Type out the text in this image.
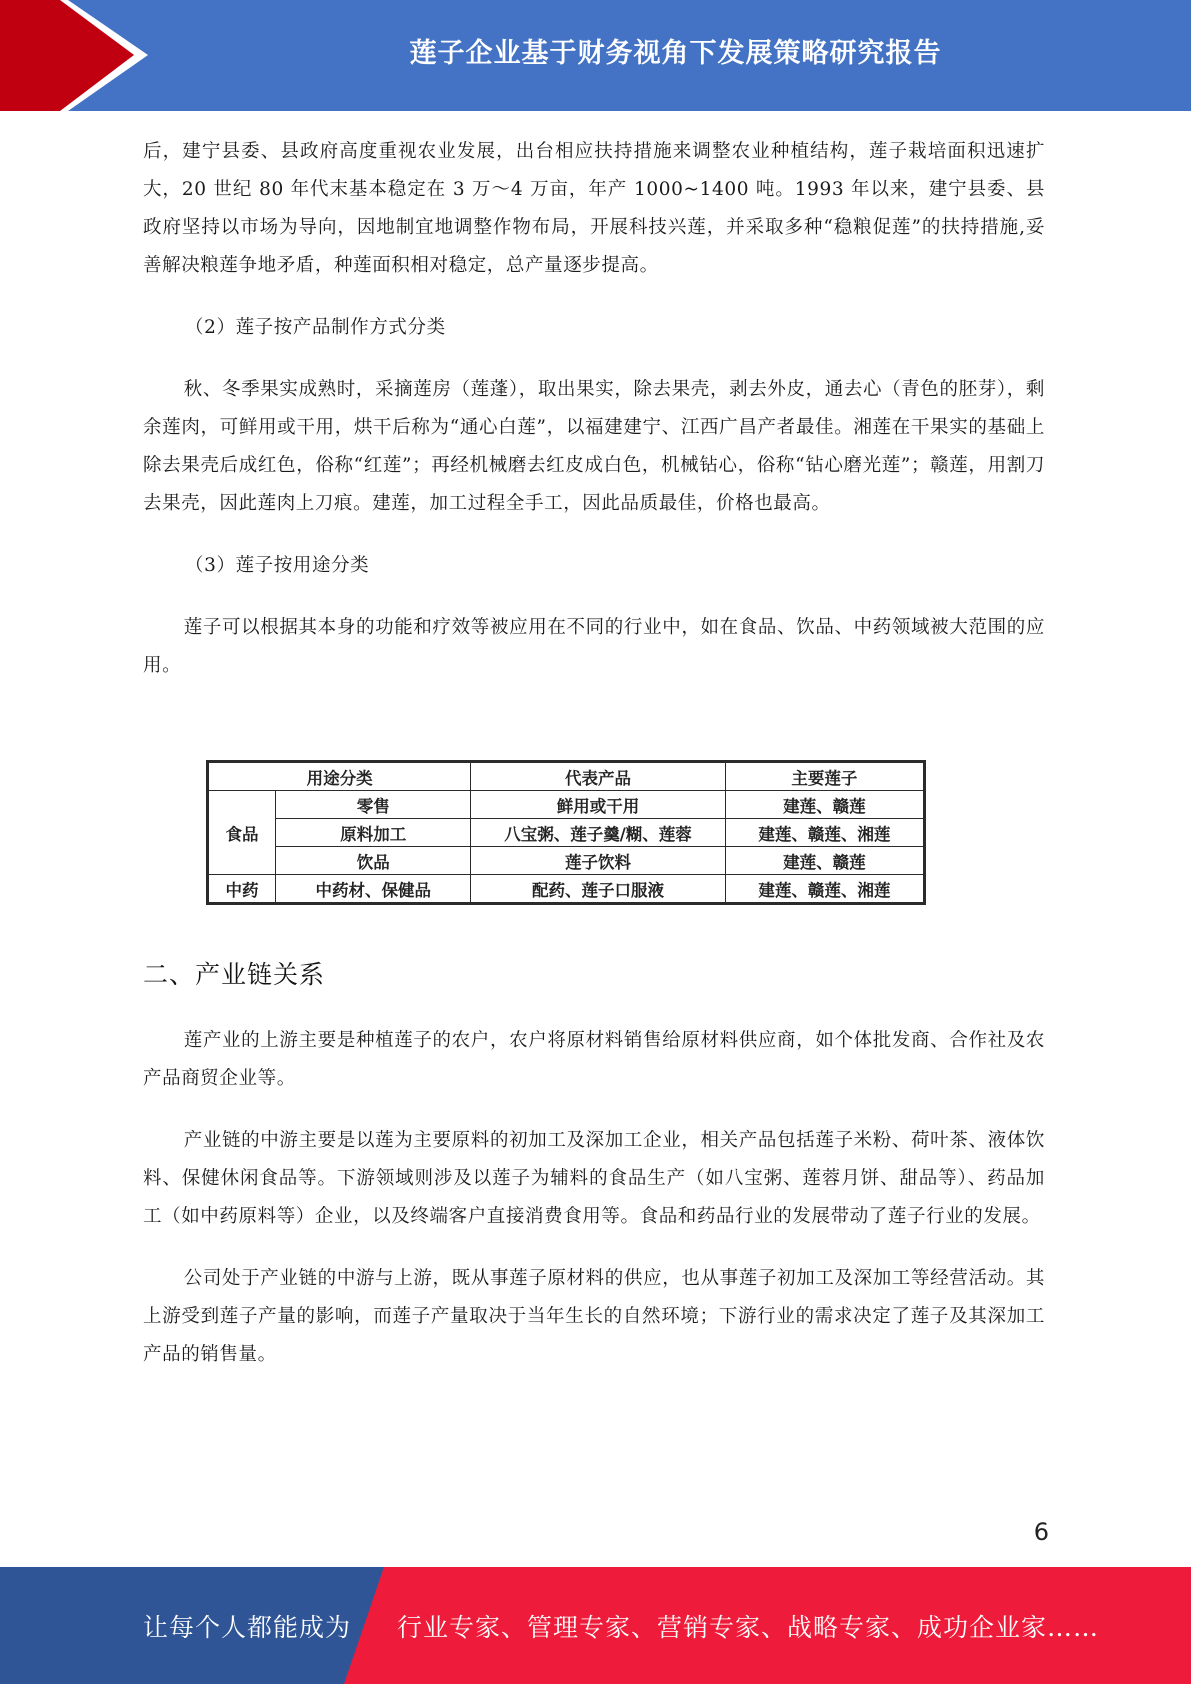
莲子企业基于财务视角下发展策略研究报告

后，建宁县委、县政府高度重视农业发展，出台相应扶持措施来调整农业种植结构，莲子栽培面积迅速扩大，20 世纪 80 年代末基本稳定在 3 万～4 万亩，年产 1000~1400 吨。1993 年以来，建宁县委、县政府坚持以市场为导向，因地制宜地调整作物布局，开展科技兴莲，并采取多种“稳粮促莲”的扶持措施,妥善解决粮莲争地矛盾，种莲面积相对稳定，总产量逐步提高。

（2）莲子按产品制作方式分类

秋、冬季果实成熟时，采摘莲房（莲蓬），取出果实，除去果壳，剥去外皮，通去心（青色的胚芽），剩余莲肉，可鲜用或干用，烘干后称为“通心白莲”，以福建建宁、江西广昌产者最佳。湘莲在干果实的基础上除去果壳后成红色，俗称“红莲”；再经机械磨去红皮成白色，机械钻心，俗称“钻心磨光莲”；赣莲，用割刀去果壳，因此莲肉上刀痕。建莲，加工过程全手工，因此品质最佳，价格也最高。

（3）莲子按用途分类

莲子可以根据其本身的功能和疗效等被应用在不同的行业中，如在食品、饮品、中药领域被大范围的应用。

用途分类		代表产品	主要莲子
食品	零售	鲜用或干用	建莲、赣莲
	原料加工	八宝粥、莲子羹/糊、莲蓉	建莲、赣莲、湘莲
	饮品	莲子饮料	建莲、赣莲
中药	中药材、保健品	配药、莲子口服液	建莲、赣莲、湘莲
二、产业链关系

莲产业的上游主要是种植莲子的农户，农户将原材料销售给原材料供应商，如个体批发商、合作社及农产品商贸企业等。

产业链的中游主要是以莲为主要原料的初加工及深加工企业，相关产品包括莲子米粉、荷叶茶、液体饮料、保健休闲食品等。下游领域则涉及以莲子为辅料的食品生产（如八宝粥、莲蓉月饼、甜品等）、药品加工（如中药原料等）企业，以及终端客户直接消费食用等。食品和药品行业的发展带动了莲子行业的发展。

公司处于产业链的中游与上游，既从事莲子原材料的供应，也从事莲子初加工及深加工等经营活动。其上游受到莲子产量的影响，而莲子产量取决于当年生长的自然环境；下游行业的需求决定了莲子及其深加工产品的销售量。

6
让每个人都能成为 行业专家、管理专家、营销专家、战略专家、成功企业家……
